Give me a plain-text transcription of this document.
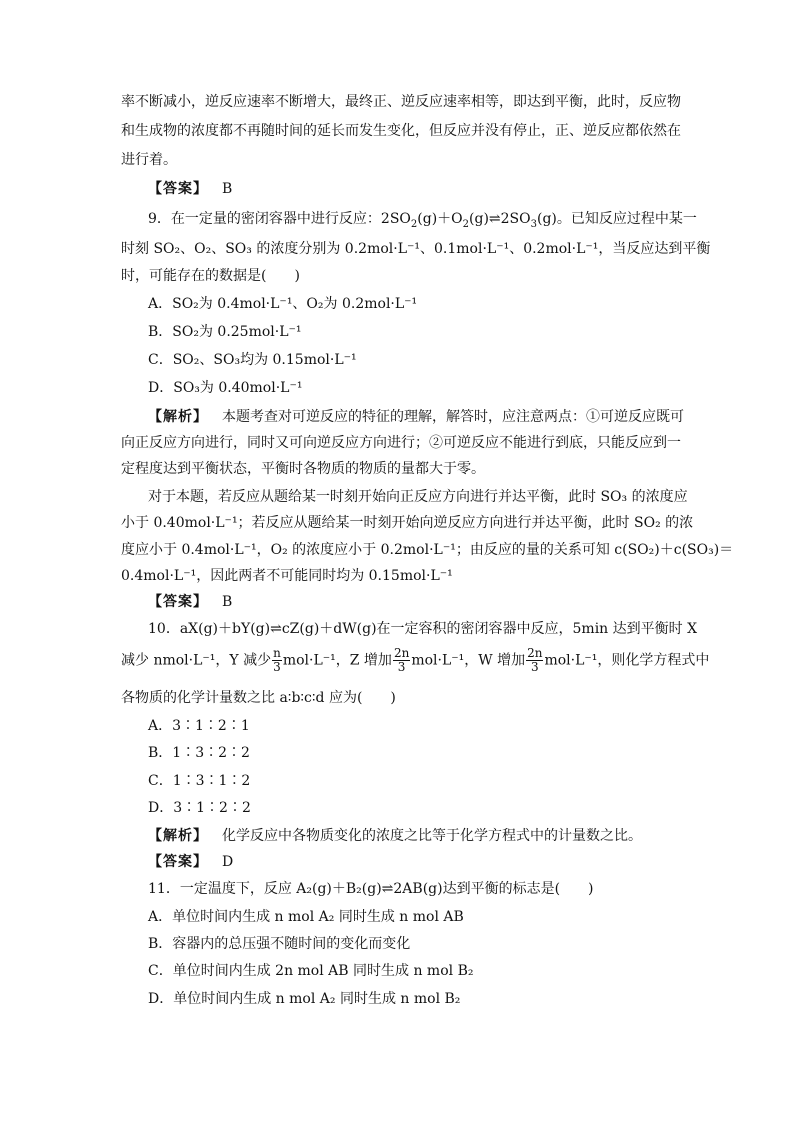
率不断减小，逆反应速率不断增大，最终正、逆反应速率相等，即达到平衡，此时，反应物
和生成物的浓度都不再随时间的延长而发生变化，但反应并没有停止，正、逆反应都依然在
进行着。
【答案】 B
9．在一定量的密闭容器中进行反应：$2SO_2(g)+O_2(g)\rightleftharpoons 2SO_3(g)$。已知反应过程中某一
时刻 SO₂、O₂、SO₃ 的浓度分别为 0.2mol·L⁻¹、0.1mol·L⁻¹、0.2mol·L⁻¹，当反应达到平衡
时，可能存在的数据是(　　)
A．SO₂为 0.4mol·L⁻¹、O₂为 0.2mol·L⁻¹
B．SO₂为 0.25mol·L⁻¹
C．SO₂、SO₃均为 0.15mol·L⁻¹
D．SO₃为 0.40mol·L⁻¹
【解析】 本题考查对可逆反应的特征的理解，解答时，应注意两点：①可逆反应既可
向正反应方向进行，同时又可向逆反应方向进行；②可逆反应不能进行到底，只能反应到一
定程度达到平衡状态，平衡时各物质的物质的量都大于零。
对于本题，若反应从题给某一时刻开始向正反应方向进行并达平衡，此时 SO₃ 的浓度应
小于 0.40mol·L⁻¹；若反应从题给某一时刻开始向逆反应方向进行并达平衡，此时 SO₂ 的浓
度应小于 0.4mol·L⁻¹，O₂ 的浓度应小于 0.2mol·L⁻¹；由反应的量的关系可知 c(SO₂)＋c(SO₃)＝
0.4mol·L⁻¹，因此两者不可能同时均为 0.15mol·L⁻¹
【答案】 B
10．aX(g)＋bY(g)⇌cZ(g)＋dW(g)在一定容积的密闭容器中反应，5min 达到平衡时 X
减少 nmol·L⁻¹，Y 减少 $\frac{n}{3} mol\cdot L^{-1}$，Z 增加 $\frac{2n}{3} mol\cdot L^{-1}$，W 增加 $\frac{2n}{3} mol\cdot L^{-1}$，则化学方程式中
各物质的化学计量数之比 a∶b∶c∶d 应为(　　)
A．3∶1∶2∶1
B．1∶3∶2∶2
C．1∶3∶1∶2
D．3∶1∶2∶2
【解析】 化学反应中各物质变化的浓度之比等于化学方程式中的计量数之比。
【答案】 D
11．一定温度下，反应 A₂(g)＋B₂(g)⇌2AB(g)达到平衡的标志是(　　)
A．单位时间内生成 n mol A₂ 同时生成 n mol AB
B．容器内的总压强不随时间的变化而变化
C．单位时间内生成 2n mol AB 同时生成 n mol B₂
D．单位时间内生成 n mol A₂ 同时生成 n mol B₂
